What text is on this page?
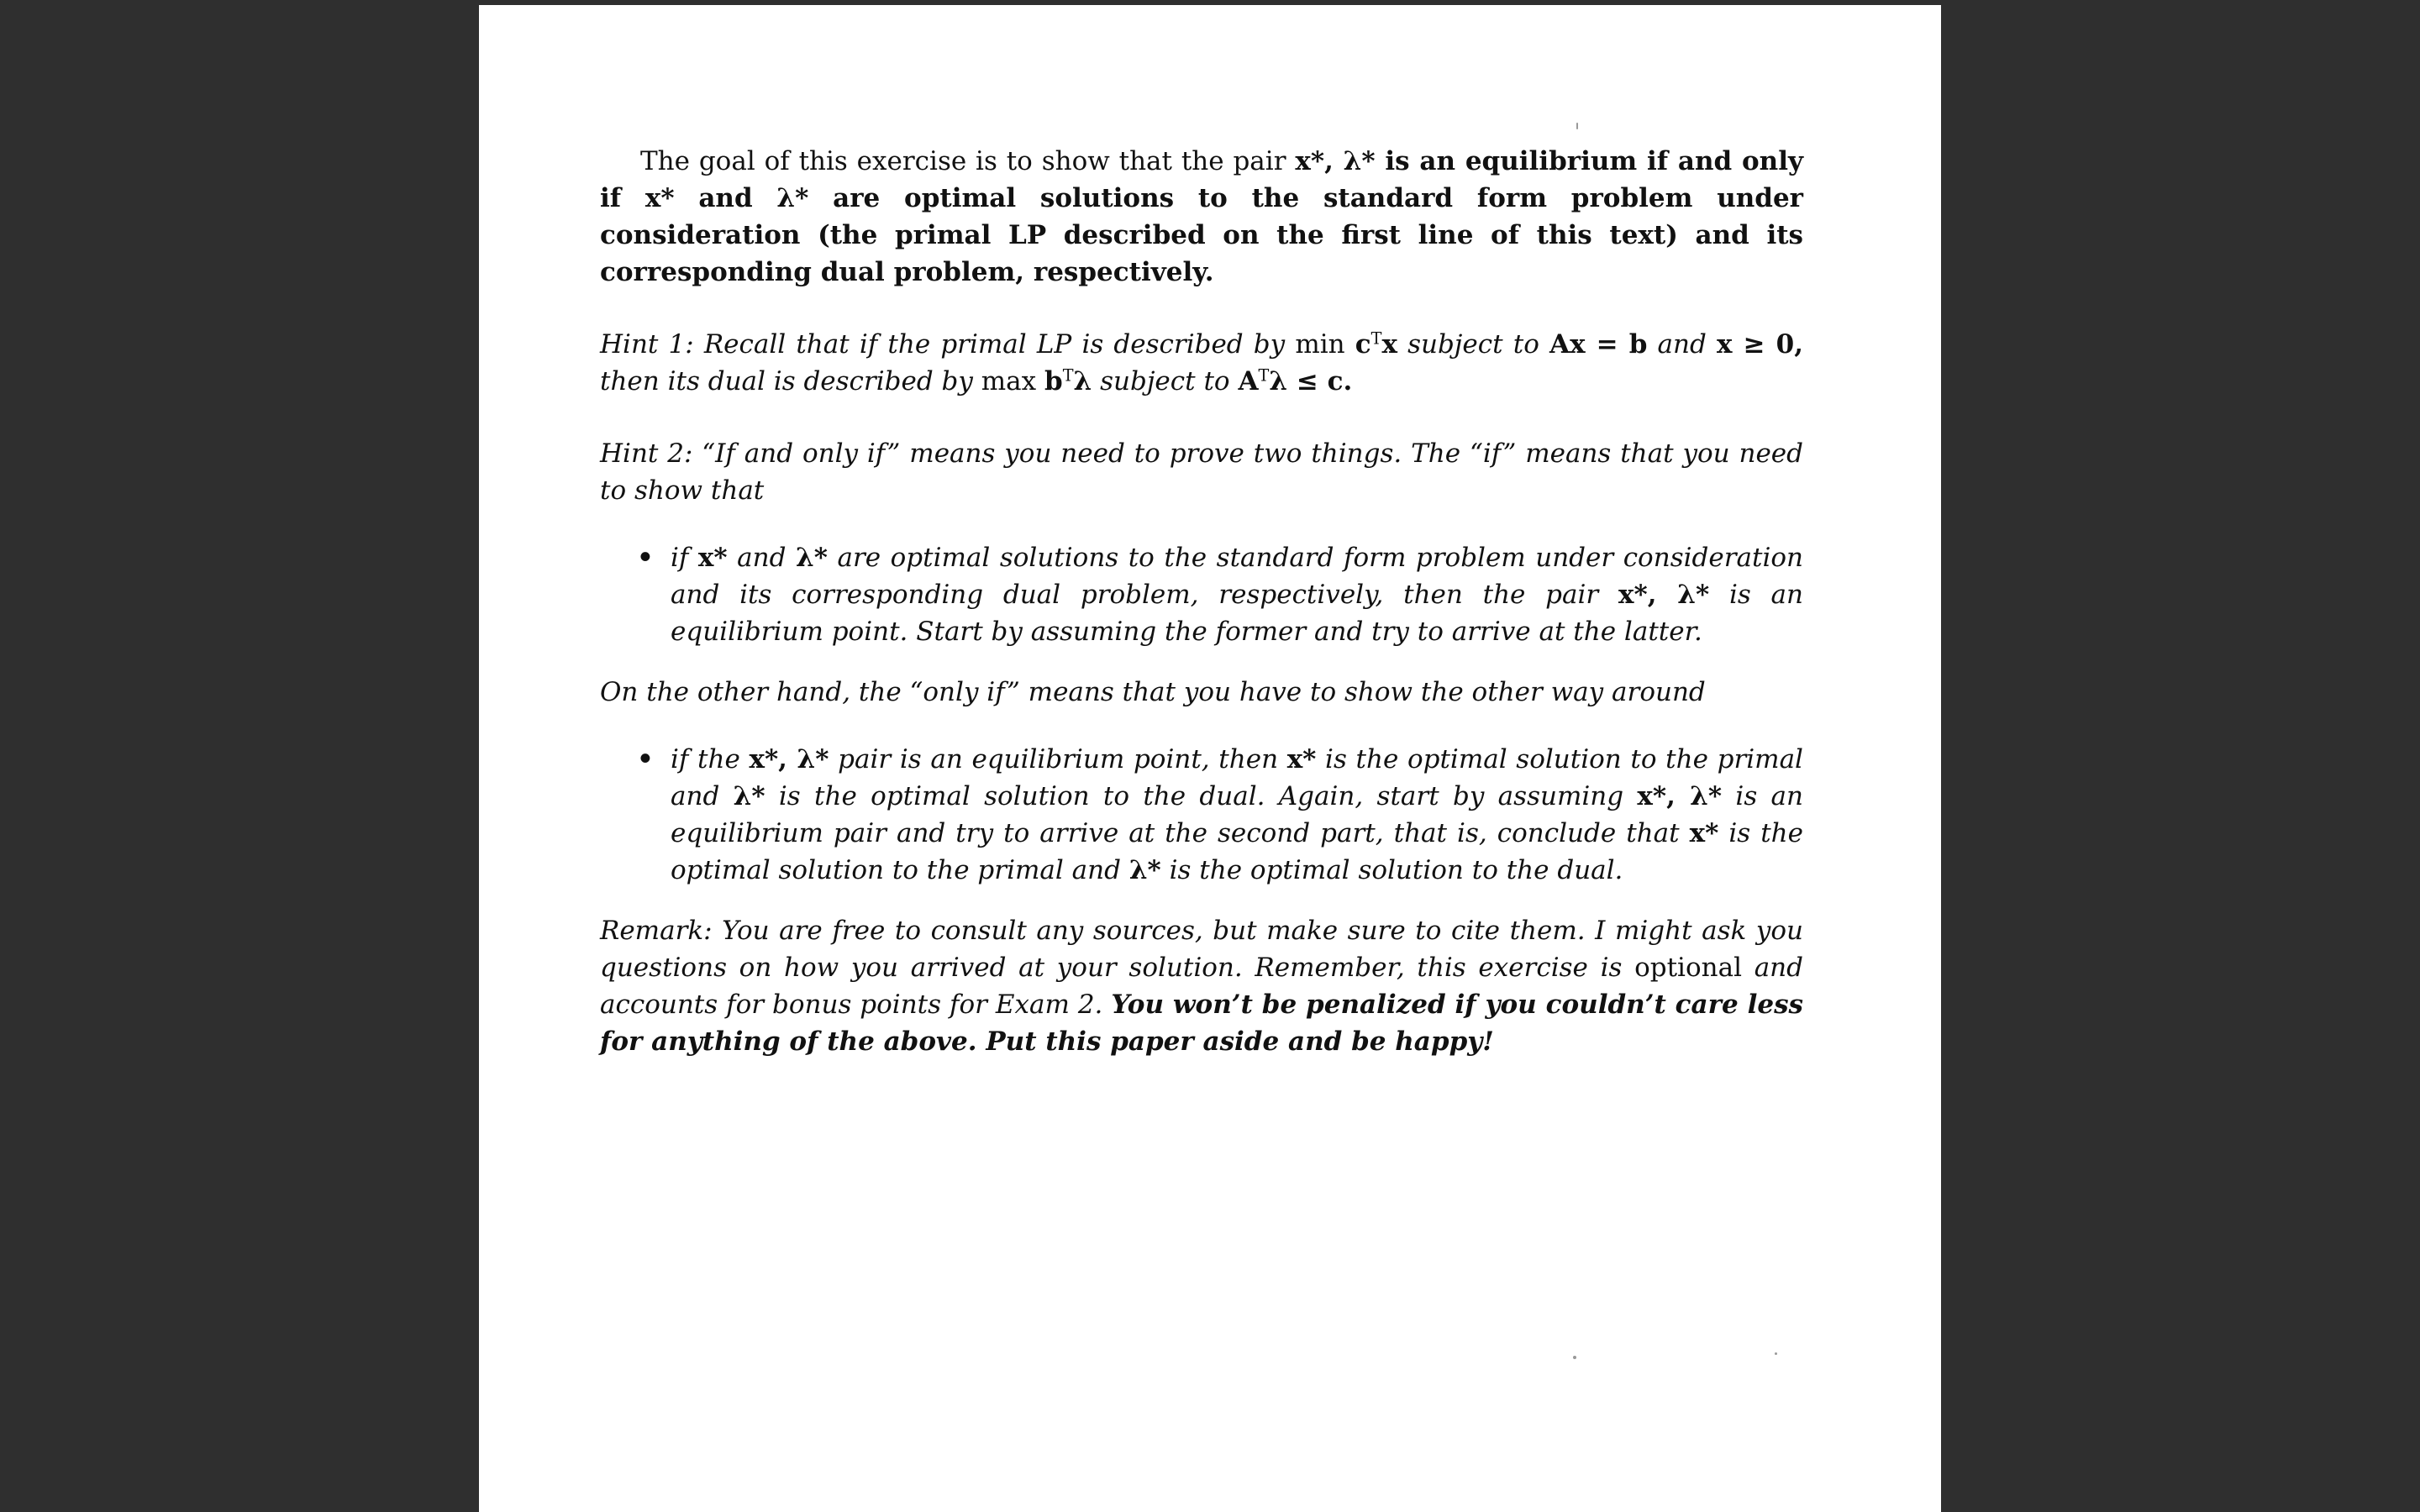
The goal of this exercise is to show that the pair x*, λ* is an equilibrium if and only if x* and λ* are optimal solutions to the standard form problem under consideration (the primal LP described on the first line of this text) and its corresponding dual problem, respectively.

Hint 1: Recall that if the primal LP is described by $\min c^Tx$ subject to Ax = b and x ≥ 0, then its dual is described by $\max b^T\lambda$ subject to $A^T\lambda \le c$.

Hint 2: “If and only if” means you need to prove two things. The “if” means that you need to show that

• if x* and λ* are optimal solutions to the standard form problem under consideration and its corresponding dual problem, respectively, then the pair x*, λ* is an equilibrium point. Start by assuming the former and try to arrive at the latter.

On the other hand, the “only if” means that you have to show the other way around

• if the x*, λ* pair is an equilibrium point, then x* is the optimal solution to the primal and λ* is the optimal solution to the dual. Again, start by assuming x*, λ* is an equilibrium pair and try to arrive at the second part, that is, conclude that x* is the optimal solution to the primal and λ* is the optimal solution to the dual.

Remark: You are free to consult any sources, but make sure to cite them. I might ask you questions on how you arrived at your solution. Remember, this exercise is optional and accounts for bonus points for Exam 2. You won’t be penalized if you couldn’t care less for anything of the above. Put this paper aside and be happy!
